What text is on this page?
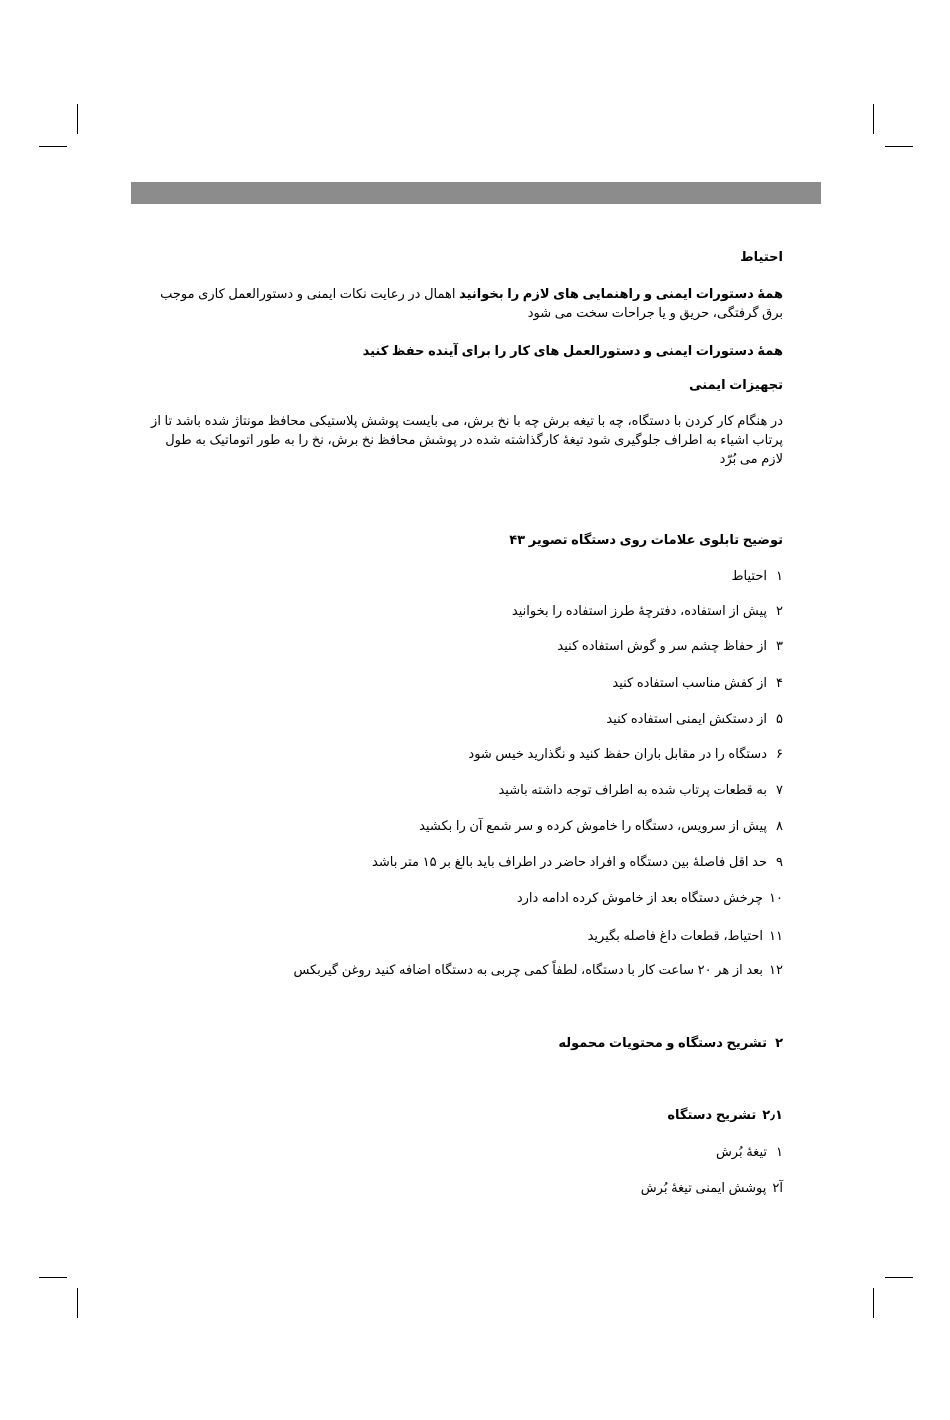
احتیاط

همهٔ دستورات ایمنی و راهنمایی های لازم را بخوانید اهمال در رعایت نکات ایمنی و دستورالعمل کاری موجب برق گرفتگی، حریق و یا جراحات سخت می شود

همهٔ دستورات ایمنی و دستورالعمل های کار را برای آینده حفظ کنید
تجهیزات ایمنی

در هنگام کار کردن با دستگاه، چه با تیغه برش چه با نخ برش، می بایست پوشش پلاستیکی محافظ مونتاژ شده باشد تا از پرتاب اشیاء به اطراف جلوگیری شود تیغهٔ کارگذاشته شده در پوشش محافظ نخ برش، نخ را به طور اتوماتیک به طول لازم می بُرّد

توضیح تابلوی علامات روی دستگاه تصویر ۴۳
۱احتیاط
۲پیش از استفاده، دفترچهٔ طرز استفاده را بخوانید
۳از حفاظ چشم سر و گوش استفاده کنید
۴از کفش مناسب استفاده کنید
۵از دستکش ایمنی استفاده کنید
۶دستگاه را در مقابل باران حفظ کنید و نگذارید خیس شود
۷به قطعات پرتاب شده به اطراف توجه داشته باشید
۸پیش از سرویس، دستگاه را خاموش کرده و سر شمع آن را بکشید
۹حد اقل فاصلهٔ بین دستگاه و افراد حاضر در اطراف باید بالغ بر ۱۵ متر باشد
۱۰چرخش دستگاه بعد از خاموش کرده ادامه دارد
۱۱احتیاط، قطعات داغ فاصله بگیرید
۱۲بعد از هر ۲۰ ساعت کار با دستگاه، لطفاً کمی چربی به دستگاه اضافه کنید روغن گیربکس
۲تشریح دستگاه و محتویات محموله
۲٫۱تشریح دستگاه
۱تیغهٔ بُرش
آ۲پوشش ایمنی تیغهٔ بُرش
